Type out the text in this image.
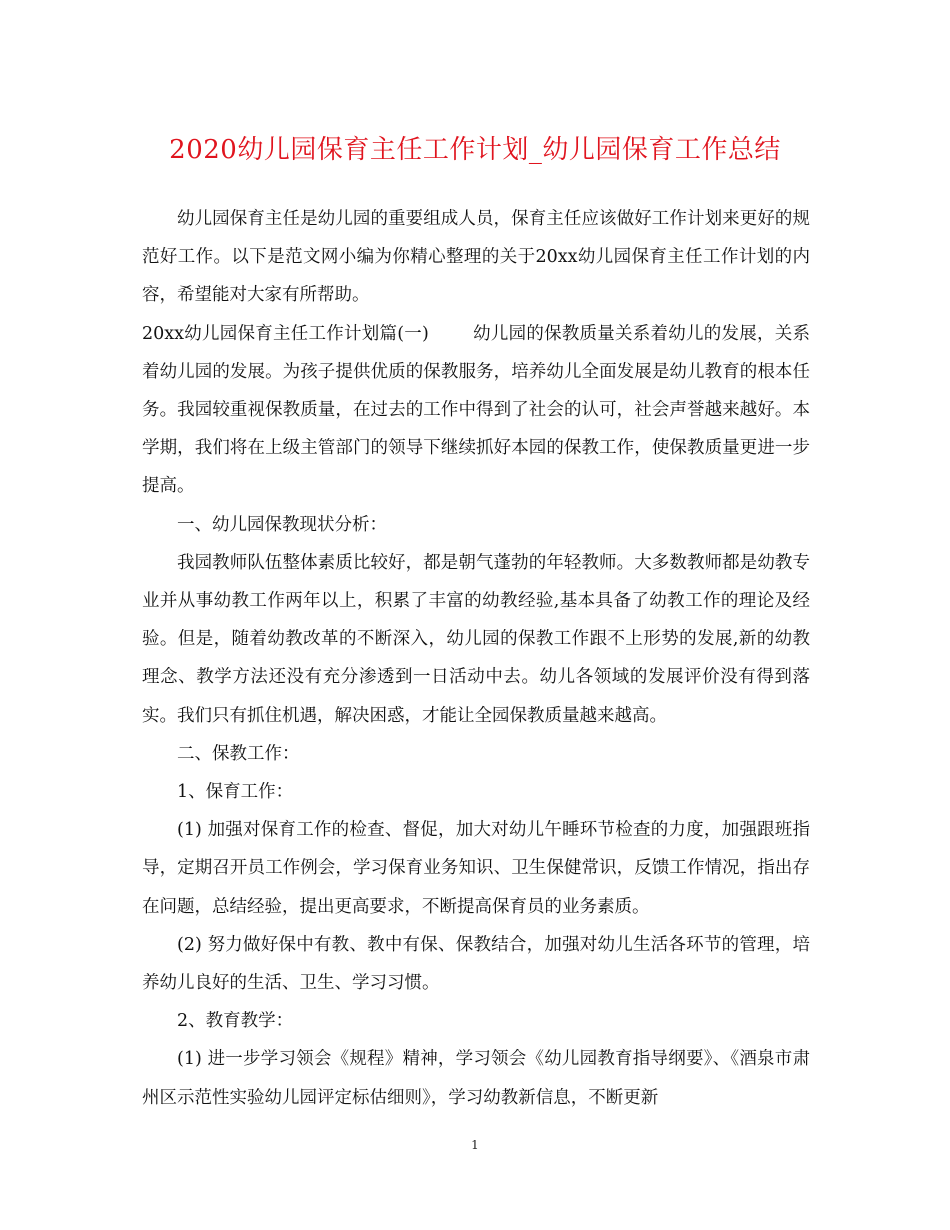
2020幼儿园保育主任工作计划_幼儿园保育工作总结

幼儿园保育主任是幼儿园的重要组成人员，保育主任应该做好工作计划来更好的规范好工作。以下是范文网小编为你精心整理的关于20xx幼儿园保育主任工作计划的内容，希望能对大家有所帮助。

20xx幼儿园保育主任工作计划篇(一)	幼儿园的保教质量关系着幼儿的发展，关系着幼儿园的发展。为孩子提供优质的保教服务，培养幼儿全面发展是幼儿教育的根本任务。我园较重视保教质量，在过去的工作中得到了社会的认可，社会声誉越来越好。本学期，我们将在上级主管部门的领导下继续抓好本园的保教工作，使保教质量更进一步提高。

一、幼儿园保教现状分析：

我园教师队伍整体素质比较好，都是朝气蓬勃的年轻教师。大多数教师都是幼教专业并从事幼教工作两年以上，积累了丰富的幼教经验,基本具备了幼教工作的理论及经验。但是，随着幼教改革的不断深入，幼儿园的保教工作跟不上形势的发展,新的幼教理念、教学方法还没有充分渗透到一日活动中去。幼儿各领域的发展评价没有得到落实。我们只有抓住机遇，解决困惑，才能让全园保教质量越来越高。

二、保教工作：

1、保育工作：

(1) 加强对保育工作的检查、督促，加大对幼儿午睡环节检查的力度，加强跟班指导，定期召开员工作例会，学习保育业务知识、卫生保健常识，反馈工作情况，指出存在问题，总结经验，提出更高要求，不断提高保育员的业务素质。

(2) 努力做好保中有教、教中有保、保教结合，加强对幼儿生活各环节的管理，培养幼儿良好的生活、卫生、学习习惯。

2、教育教学：

(1) 进一步学习领会《规程》精神，学习领会《幼儿园教育指导纲要》、《酒泉市肃州区示范性实验幼儿园评定标估细则》，学习幼教新信息，不断更新

1
